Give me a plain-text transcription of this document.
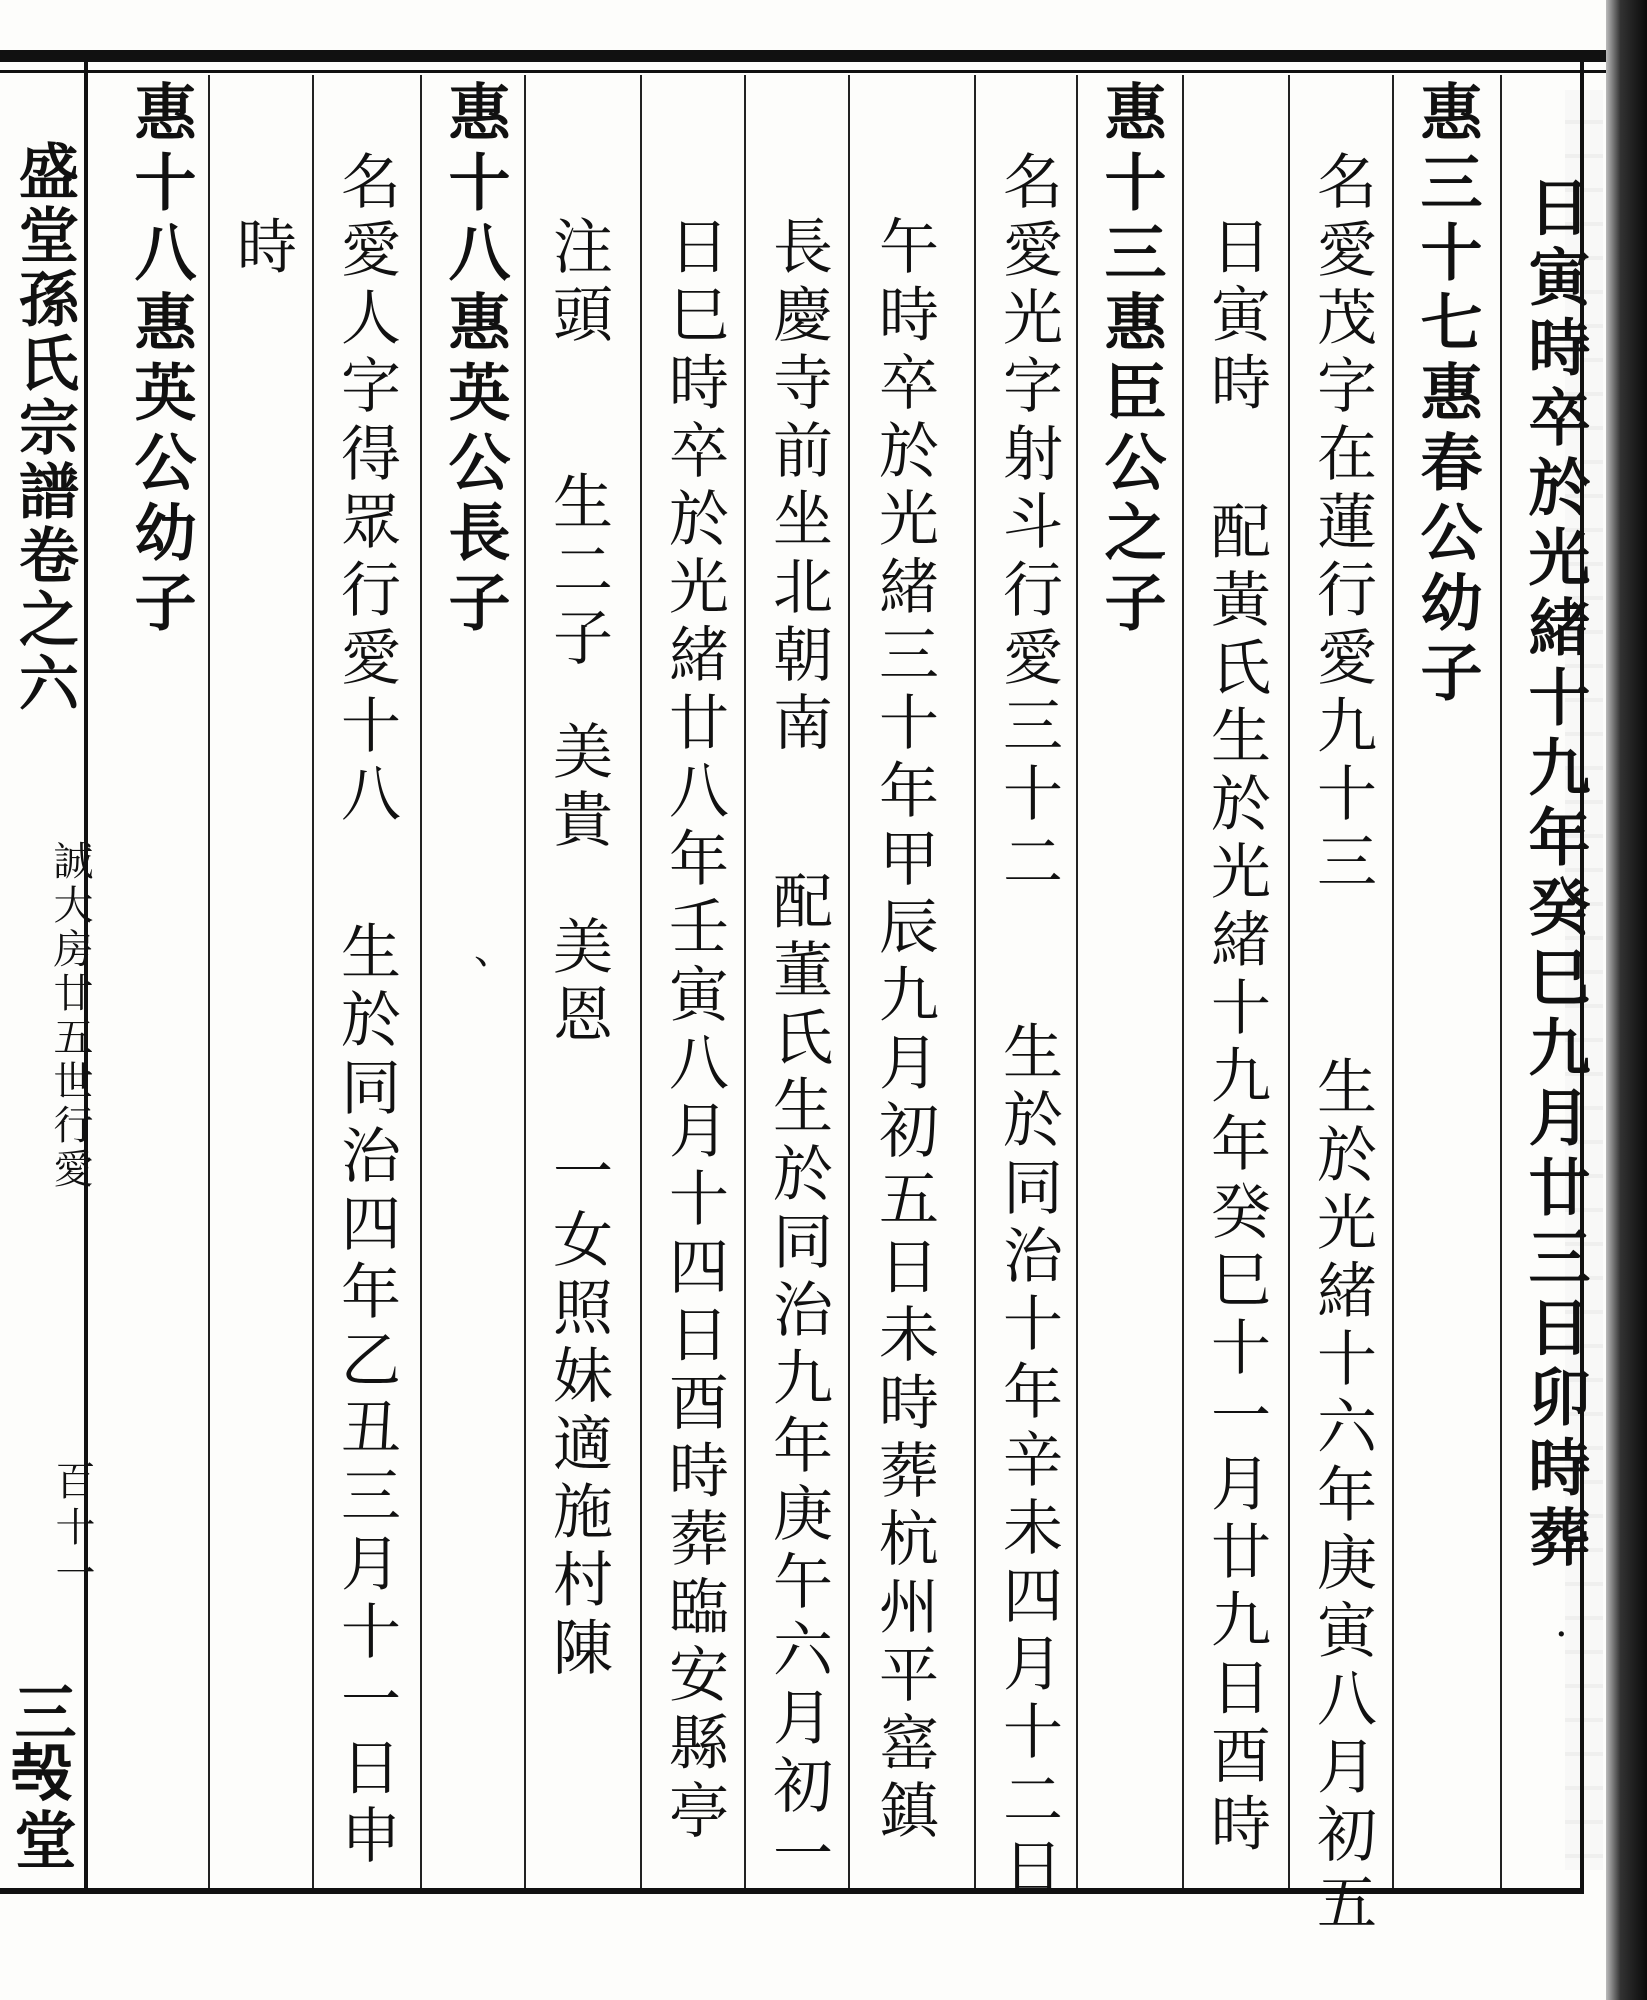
盛堂孫氏宗譜卷之六
誠大房廿五世行愛
百十一
三𣪊堂
日寅時卒於光緒十九年癸巳九月廿三日卯時葬
惠三十七惠春公幼子
名愛茂字在蓮行愛九十三
生於光緒十六年庚寅八月初五
日寅時
配黃氏生於光緒十九年癸巳十一月廿九日酉時
惠十三惠臣公之子
名愛光字射斗行愛三十二
生於同治十年辛未四月十二日
午時卒於光緒三十年甲辰九月初五日未時葬杭州平窰鎮
長慶寺前坐北朝南
配董氏生於同治九年庚午六月初一
日巳時卒於光緒廿八年壬寅八月十四日酉時葬臨安縣亭
注頭
生二子
美貴
美恩
一女照妹適施村陳
惠十八惠英公長子
名愛人字得眾行愛十八
生於同治四年乙丑三月十一日申
時
惠十八惠英公幼子
、
·
